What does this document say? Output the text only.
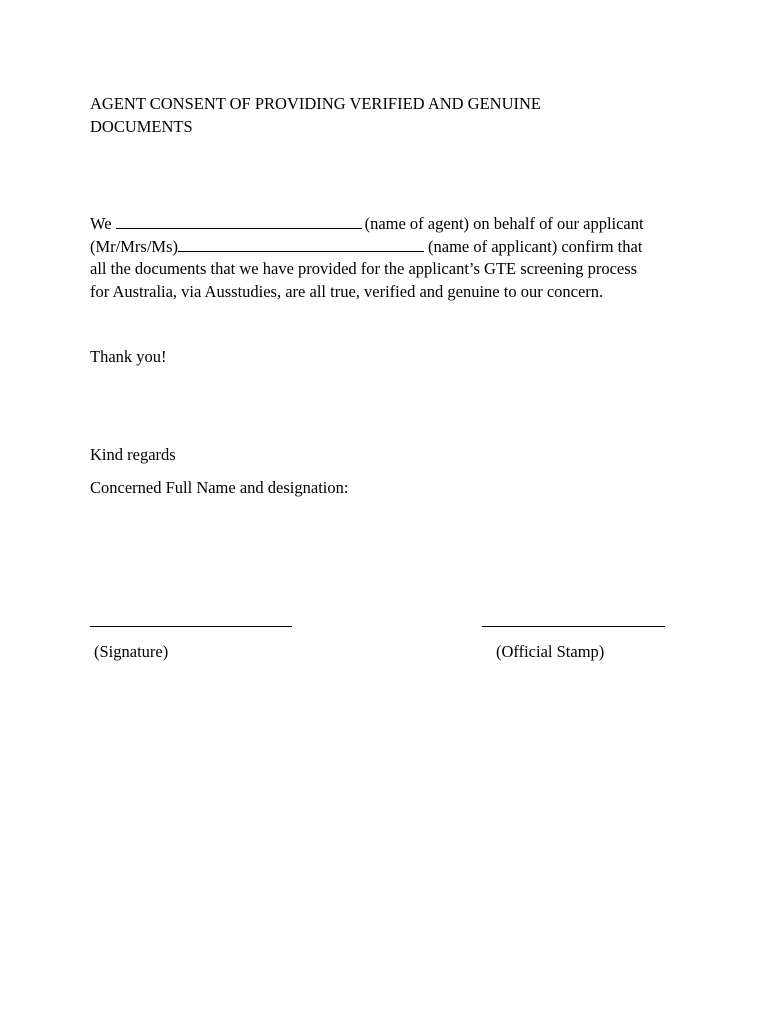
AGENT CONSENT OF PROVIDING VERIFIED AND GENUINE DOCUMENTS
We	(name of agent) on behalf of our applicant
(Mr/Mrs/Ms)	(name of applicant) confirm that
all the documents that we have provided for the applicant’s GTE screening process
for Australia, via Ausstudies, are all true, verified and genuine to our concern.

Thank you!

Kind regards

Concerned Full Name and designation:

(Signature)	(Official Stamp)
